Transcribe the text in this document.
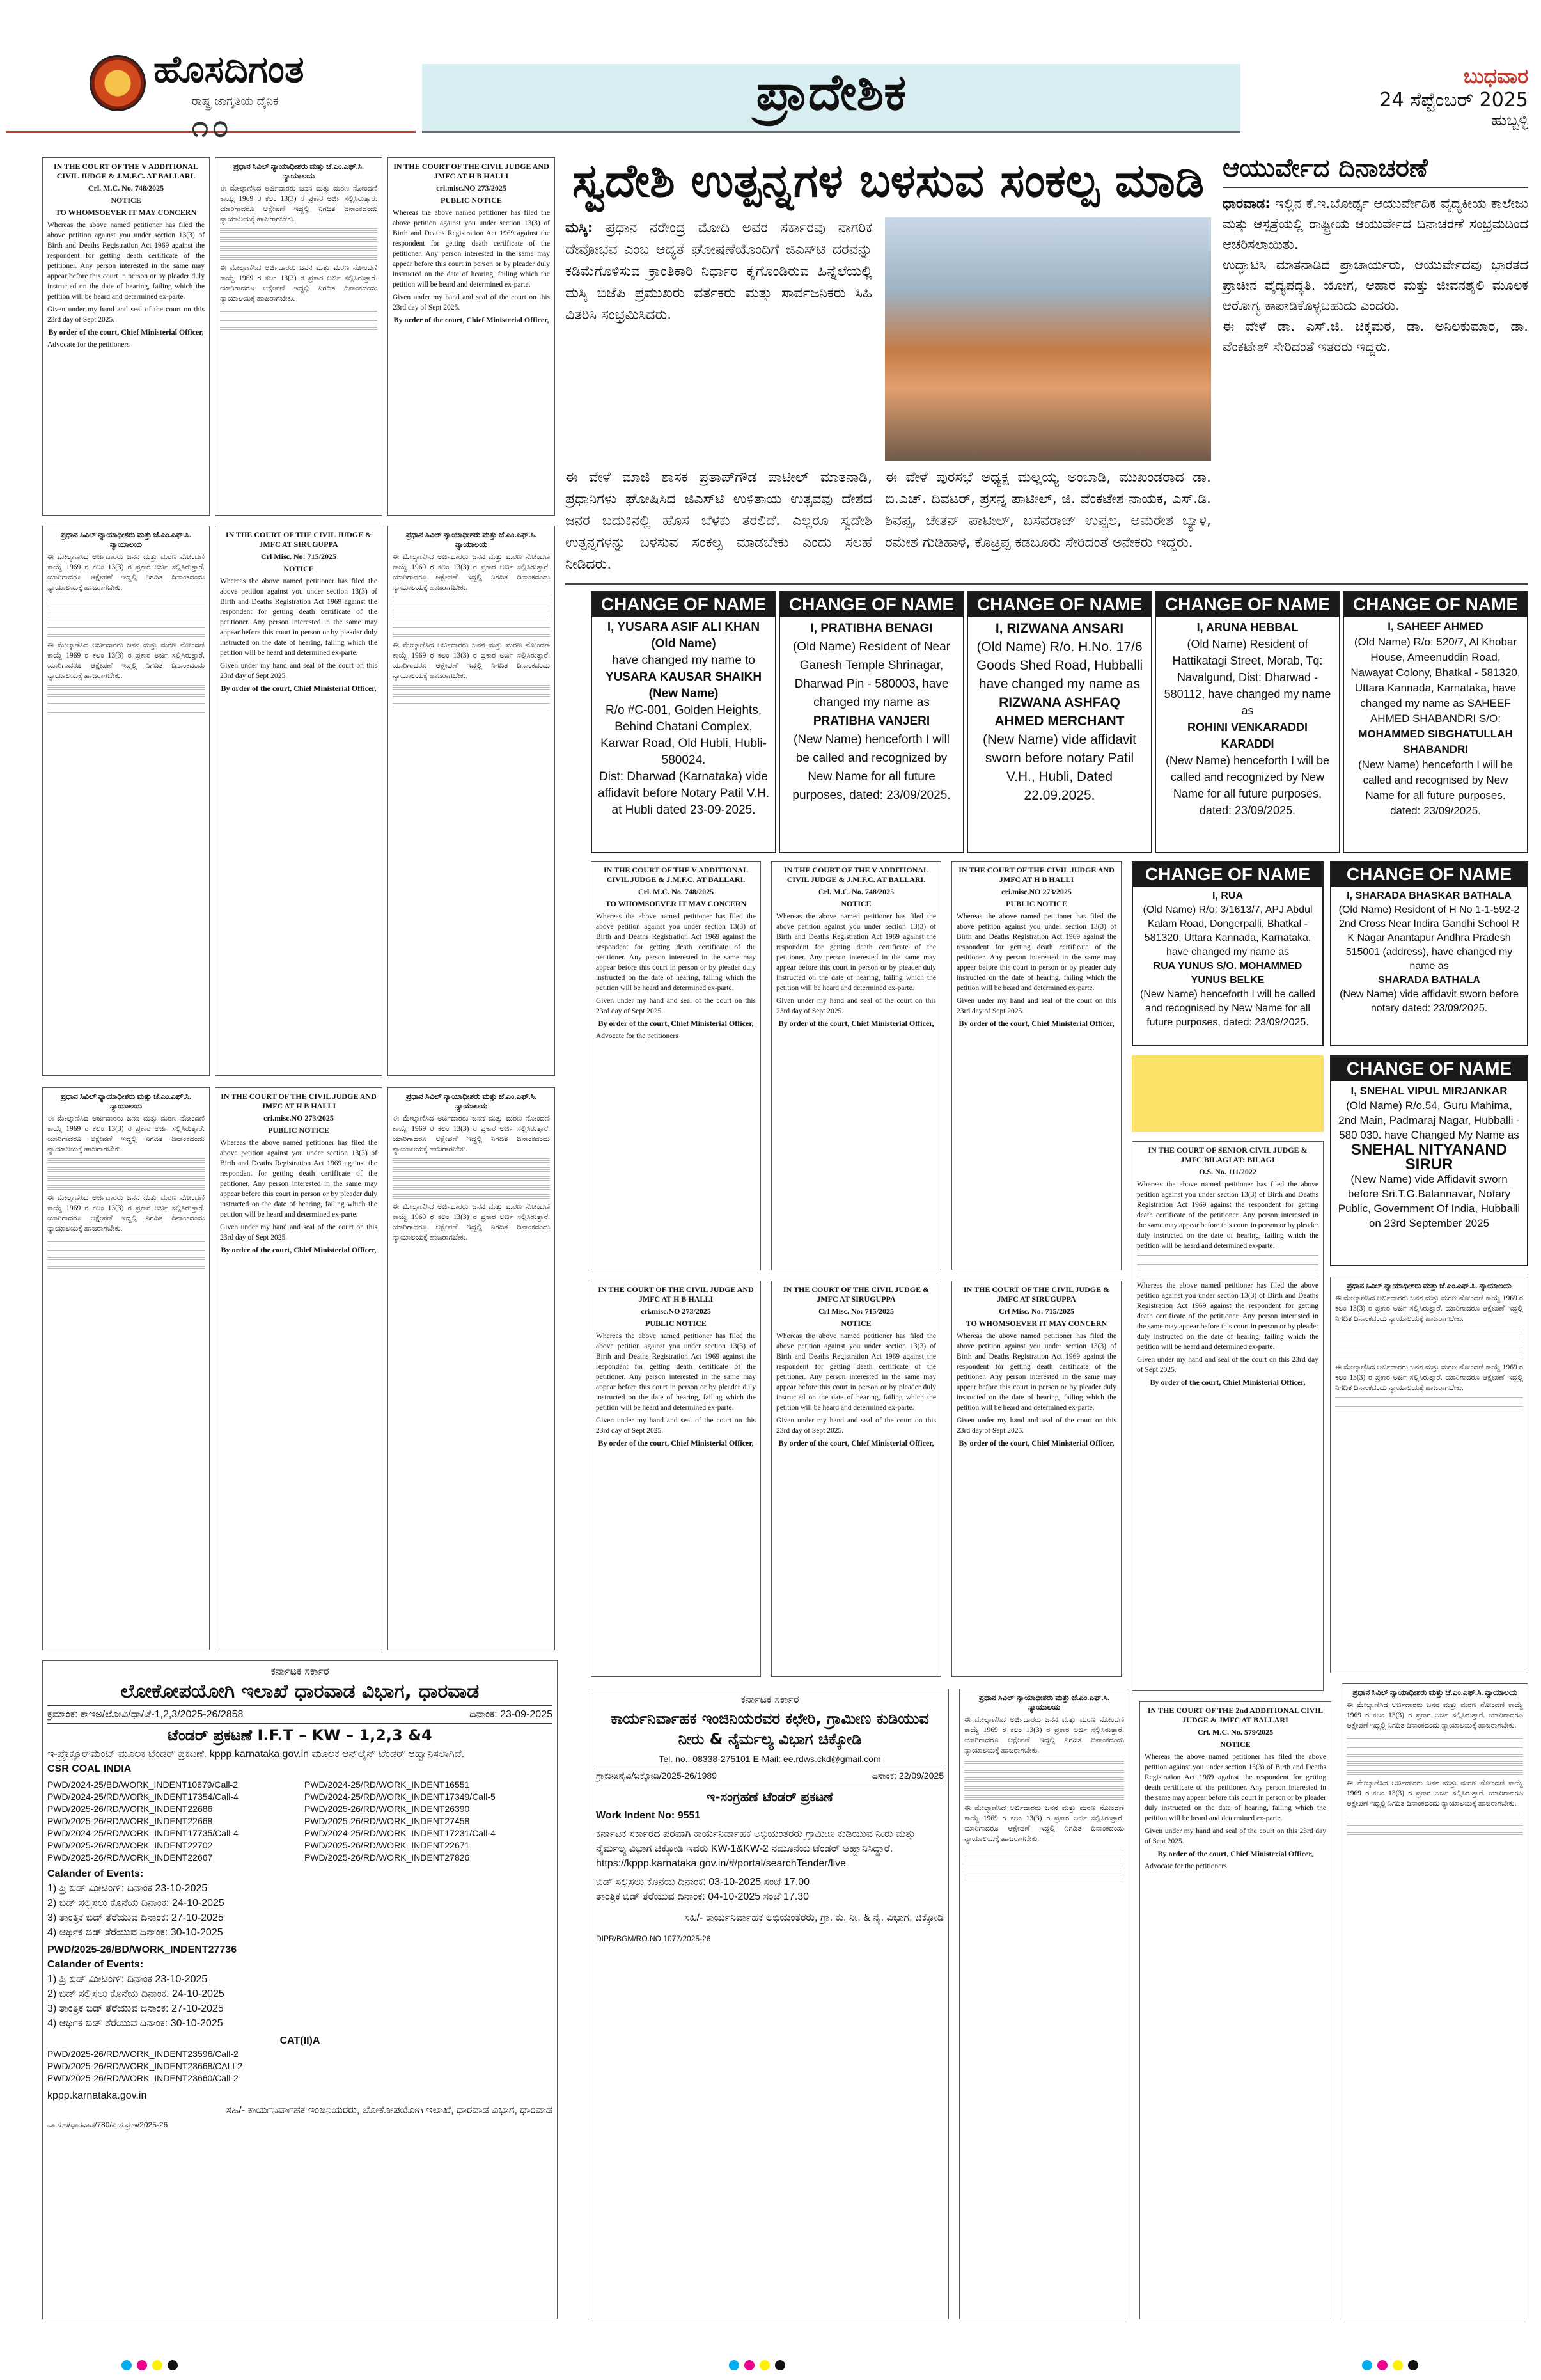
ಹೊಸದಿಗಂತ
ರಾಷ್ಟ್ರ ಜಾಗೃತಿಯ ದೈನಿಕ
೧೦
ಪ್ರಾದೇಶಿಕ	ಬುಧವಾರ
24 ಸೆಪ್ಟೆಂಬರ್ 2025
ಹುಬ್ಬಳ್ಳಿ

IN THE COURT OF THE V ADDITIONAL CIVIL JUDGE & J.M.F.C. AT BALLARI.

Crl. M.C. No. 748/2025

NOTICE

TO WHOMSOEVER IT MAY CONCERN

Whereas the above named petitioner has filed the above petition against you under section 13(3) of Birth and Deaths Registration Act 1969 against the respondent for getting death certificate of the petitioner. Any person interested in the same may appear before this court in person or by pleader duly instructed on the date of hearing, failing which the petition will be heard and determined ex-parte.

Given under my hand and seal of the court on this 23rd day of Sept 2025.

By order of the court, Chief Ministerial Officer,

Advocate for the petitioners

ಪ್ರಧಾನ ಸಿವಿಲ್ ನ್ಯಾಯಾಧೀಶರು ಮತ್ತು ಜೆ.ಎಂ.ಎಫ್.ಸಿ. ನ್ಯಾಯಾಲಯ

ಈ ಮೇಲ್ಕಾಣಿಸಿದ ಅರ್ಜಿದಾರರು ಜನನ ಮತ್ತು ಮರಣ ನೋಂದಣಿ ಕಾಯ್ದೆ 1969 ರ ಕಲಂ 13(3) ರ ಪ್ರಕಾರ ಅರ್ಜಿ ಸಲ್ಲಿಸಿರುತ್ತಾರೆ. ಯಾರಿಗಾದರೂ ಆಕ್ಷೇಪಣೆ ಇದ್ದಲ್ಲಿ ನಿಗದಿತ ದಿನಾಂಕದಂದು ನ್ಯಾಯಾಲಯಕ್ಕೆ ಹಾಜರಾಗಬೇಕು.

ಈ ಮೇಲ್ಕಾಣಿಸಿದ ಅರ್ಜಿದಾರರು ಜನನ ಮತ್ತು ಮರಣ ನೋಂದಣಿ ಕಾಯ್ದೆ 1969 ರ ಕಲಂ 13(3) ರ ಪ್ರಕಾರ ಅರ್ಜಿ ಸಲ್ಲಿಸಿರುತ್ತಾರೆ. ಯಾರಿಗಾದರೂ ಆಕ್ಷೇಪಣೆ ಇದ್ದಲ್ಲಿ ನಿಗದಿತ ದಿನಾಂಕದಂದು ನ್ಯಾಯಾಲಯಕ್ಕೆ ಹಾಜರಾಗಬೇಕು.

IN THE COURT OF THE CIVIL JUDGE AND JMFC AT H B HALLI

cri.misc.NO 273/2025

PUBLIC NOTICE

Whereas the above named petitioner has filed the above petition against you under section 13(3) of Birth and Deaths Registration Act 1969 against the respondent for getting death certificate of the petitioner. Any person interested in the same may appear before this court in person or by pleader duly instructed on the date of hearing, failing which the petition will be heard and determined ex-parte.

Given under my hand and seal of the court on this 23rd day of Sept 2025.

By order of the court, Chief Ministerial Officer,

ಪ್ರಧಾನ ಸಿವಿಲ್ ನ್ಯಾಯಾಧೀಶರು ಮತ್ತು ಜೆ.ಎಂ.ಎಫ್.ಸಿ. ನ್ಯಾಯಾಲಯ

ಈ ಮೇಲ್ಕಾಣಿಸಿದ ಅರ್ಜಿದಾರರು ಜನನ ಮತ್ತು ಮರಣ ನೋಂದಣಿ ಕಾಯ್ದೆ 1969 ರ ಕಲಂ 13(3) ರ ಪ್ರಕಾರ ಅರ್ಜಿ ಸಲ್ಲಿಸಿರುತ್ತಾರೆ. ಯಾರಿಗಾದರೂ ಆಕ್ಷೇಪಣೆ ಇದ್ದಲ್ಲಿ ನಿಗದಿತ ದಿನಾಂಕದಂದು ನ್ಯಾಯಾಲಯಕ್ಕೆ ಹಾಜರಾಗಬೇಕು.

ಈ ಮೇಲ್ಕಾಣಿಸಿದ ಅರ್ಜಿದಾರರು ಜನನ ಮತ್ತು ಮರಣ ನೋಂದಣಿ ಕಾಯ್ದೆ 1969 ರ ಕಲಂ 13(3) ರ ಪ್ರಕಾರ ಅರ್ಜಿ ಸಲ್ಲಿಸಿರುತ್ತಾರೆ. ಯಾರಿಗಾದರೂ ಆಕ್ಷೇಪಣೆ ಇದ್ದಲ್ಲಿ ನಿಗದಿತ ದಿನಾಂಕದಂದು ನ್ಯಾಯಾಲಯಕ್ಕೆ ಹಾಜರಾಗಬೇಕು.

IN THE COURT OF THE CIVIL JUDGE & JMFC AT SIRUGUPPA

Crl Misc. No: 715/2025

NOTICE

Whereas the above named petitioner has filed the above petition against you under section 13(3) of Birth and Deaths Registration Act 1969 against the respondent for getting death certificate of the petitioner. Any person interested in the same may appear before this court in person or by pleader duly instructed on the date of hearing, failing which the petition will be heard and determined ex-parte.

Given under my hand and seal of the court on this 23rd day of Sept 2025.

By order of the court, Chief Ministerial Officer,

ಪ್ರಧಾನ ಸಿವಿಲ್ ನ್ಯಾಯಾಧೀಶರು ಮತ್ತು ಜೆ.ಎಂ.ಎಫ್.ಸಿ. ನ್ಯಾಯಾಲಯ

ಈ ಮೇಲ್ಕಾಣಿಸಿದ ಅರ್ಜಿದಾರರು ಜನನ ಮತ್ತು ಮರಣ ನೋಂದಣಿ ಕಾಯ್ದೆ 1969 ರ ಕಲಂ 13(3) ರ ಪ್ರಕಾರ ಅರ್ಜಿ ಸಲ್ಲಿಸಿರುತ್ತಾರೆ. ಯಾರಿಗಾದರೂ ಆಕ್ಷೇಪಣೆ ಇದ್ದಲ್ಲಿ ನಿಗದಿತ ದಿನಾಂಕದಂದು ನ್ಯಾಯಾಲಯಕ್ಕೆ ಹಾಜರಾಗಬೇಕು.

ಈ ಮೇಲ್ಕಾಣಿಸಿದ ಅರ್ಜಿದಾರರು ಜನನ ಮತ್ತು ಮರಣ ನೋಂದಣಿ ಕಾಯ್ದೆ 1969 ರ ಕಲಂ 13(3) ರ ಪ್ರಕಾರ ಅರ್ಜಿ ಸಲ್ಲಿಸಿರುತ್ತಾರೆ. ಯಾರಿಗಾದರೂ ಆಕ್ಷೇಪಣೆ ಇದ್ದಲ್ಲಿ ನಿಗದಿತ ದಿನಾಂಕದಂದು ನ್ಯಾಯಾಲಯಕ್ಕೆ ಹಾಜರಾಗಬೇಕು.

ಪ್ರಧಾನ ಸಿವಿಲ್ ನ್ಯಾಯಾಧೀಶರು ಮತ್ತು ಜೆ.ಎಂ.ಎಫ್.ಸಿ. ನ್ಯಾಯಾಲಯ

ಈ ಮೇಲ್ಕಾಣಿಸಿದ ಅರ್ಜಿದಾರರು ಜನನ ಮತ್ತು ಮರಣ ನೋಂದಣಿ ಕಾಯ್ದೆ 1969 ರ ಕಲಂ 13(3) ರ ಪ್ರಕಾರ ಅರ್ಜಿ ಸಲ್ಲಿಸಿರುತ್ತಾರೆ. ಯಾರಿಗಾದರೂ ಆಕ್ಷೇಪಣೆ ಇದ್ದಲ್ಲಿ ನಿಗದಿತ ದಿನಾಂಕದಂದು ನ್ಯಾಯಾಲಯಕ್ಕೆ ಹಾಜರಾಗಬೇಕು.

ಈ ಮೇಲ್ಕಾಣಿಸಿದ ಅರ್ಜಿದಾರರು ಜನನ ಮತ್ತು ಮರಣ ನೋಂದಣಿ ಕಾಯ್ದೆ 1969 ರ ಕಲಂ 13(3) ರ ಪ್ರಕಾರ ಅರ್ಜಿ ಸಲ್ಲಿಸಿರುತ್ತಾರೆ. ಯಾರಿಗಾದರೂ ಆಕ್ಷೇಪಣೆ ಇದ್ದಲ್ಲಿ ನಿಗದಿತ ದಿನಾಂಕದಂದು ನ್ಯಾಯಾಲಯಕ್ಕೆ ಹಾಜರಾಗಬೇಕು.

IN THE COURT OF THE CIVIL JUDGE AND JMFC AT H B HALLI

cri.misc.NO 273/2025

PUBLIC NOTICE

Whereas the above named petitioner has filed the above petition against you under section 13(3) of Birth and Deaths Registration Act 1969 against the respondent for getting death certificate of the petitioner. Any person interested in the same may appear before this court in person or by pleader duly instructed on the date of hearing, failing which the petition will be heard and determined ex-parte.

Given under my hand and seal of the court on this 23rd day of Sept 2025.

By order of the court, Chief Ministerial Officer,

ಪ್ರಧಾನ ಸಿವಿಲ್ ನ್ಯಾಯಾಧೀಶರು ಮತ್ತು ಜೆ.ಎಂ.ಎಫ್.ಸಿ. ನ್ಯಾಯಾಲಯ

ಈ ಮೇಲ್ಕಾಣಿಸಿದ ಅರ್ಜಿದಾರರು ಜನನ ಮತ್ತು ಮರಣ ನೋಂದಣಿ ಕಾಯ್ದೆ 1969 ರ ಕಲಂ 13(3) ರ ಪ್ರಕಾರ ಅರ್ಜಿ ಸಲ್ಲಿಸಿರುತ್ತಾರೆ. ಯಾರಿಗಾದರೂ ಆಕ್ಷೇಪಣೆ ಇದ್ದಲ್ಲಿ ನಿಗದಿತ ದಿನಾಂಕದಂದು ನ್ಯಾಯಾಲಯಕ್ಕೆ ಹಾಜರಾಗಬೇಕು.

ಈ ಮೇಲ್ಕಾಣಿಸಿದ ಅರ್ಜಿದಾರರು ಜನನ ಮತ್ತು ಮರಣ ನೋಂದಣಿ ಕಾಯ್ದೆ 1969 ರ ಕಲಂ 13(3) ರ ಪ್ರಕಾರ ಅರ್ಜಿ ಸಲ್ಲಿಸಿರುತ್ತಾರೆ. ಯಾರಿಗಾದರೂ ಆಕ್ಷೇಪಣೆ ಇದ್ದಲ್ಲಿ ನಿಗದಿತ ದಿನಾಂಕದಂದು ನ್ಯಾಯಾಲಯಕ್ಕೆ ಹಾಜರಾಗಬೇಕು.

ಕರ್ನಾಟಕ ಸರ್ಕಾರ
ಲೋಕೋಪಯೋಗಿ ಇಲಾಖೆ ಧಾರವಾಡ ವಿಭಾಗ, ಧಾರವಾಡ
ಕ್ರಮಾಂಕ: ಕಾಇಅ/ಲೋವಿ/ಧಾ/ಟೆ-1,2,3/2025-26/2858	ದಿನಾಂಕ: 23-09-2025
ಟೆಂಡರ್ ಪ್ರಕಟಣೆ I.F.T – KW – 1,2,3 &4
ಇ-ಪ್ರೊಕ್ಯೂರ್‌ಮೆಂಟ್ ಮೂಲಕ ಟೆಂಡರ್ ಪ್ರಕಟಣೆ. kppp.karnataka.gov.in ಮೂಲಕ ಆನ್‌ಲೈನ್ ಟೆಂಡರ್ ಆಹ್ವಾನಿಸಲಾಗಿದೆ.
CSR COAL INDIA
PWD/2024-25/BD/WORK_INDENT10679/Call-2	PWD/2024-25/RD/WORK_INDENT16551
PWD/2024-25/RD/WORK_INDENT17354/Call-4	PWD/2024-25/RD/WORK_INDENT17349/Call-5
PWD/2025-26/RD/WORK_INDENT22686	PWD/2025-26/RD/WORK_INDENT26390
PWD/2025-26/RD/WORK_INDENT22668	PWD/2025-26/RD/WORK_INDENT27458
PWD/2024-25/RD/WORK_INDENT17735/Call-4	PWD/2024-25/RD/WORK_INDENT17231/Call-4
PWD/2025-26/RD/WORK_INDENT22702	PWD/2025-26/RD/WORK_INDENT22671
PWD/2025-26/RD/WORK_INDENT22667	PWD/2025-26/RD/WORK_INDENT27826
Calander of Events:
1) ಪ್ರಿ ಬಿಡ್ ಮೀಟಿಂಗ್: ದಿನಾಂಕ 23-10-2025
2) ಬಿಡ್ ಸಲ್ಲಿಸಲು ಕೊನೆಯ ದಿನಾಂಕ: 24-10-2025
3) ತಾಂತ್ರಿಕ ಬಿಡ್ ತೆರೆಯುವ ದಿನಾಂಕ: 27-10-2025
4) ಆರ್ಥಿಕ ಬಿಡ್ ತೆರೆಯುವ ದಿನಾಂಕ: 30-10-2025
PWD/2025-26/BD/WORK_INDENT27736
Calander of Events:
1) ಪ್ರಿ ಬಿಡ್ ಮೀಟಿಂಗ್: ದಿನಾಂಕ 23-10-2025
2) ಬಿಡ್ ಸಲ್ಲಿಸಲು ಕೊನೆಯ ದಿನಾಂಕ: 24-10-2025
3) ತಾಂತ್ರಿಕ ಬಿಡ್ ತೆರೆಯುವ ದಿನಾಂಕ: 27-10-2025
4) ಆರ್ಥಿಕ ಬಿಡ್ ತೆರೆಯುವ ದಿನಾಂಕ: 30-10-2025
CAT(II)A
PWD/2025-26/RD/WORK_INDENT23596/Call-2
PWD/2025-26/RD/WORK_INDENT23668/CALL2
PWD/2025-26/RD/WORK_INDENT23660/Call-2
kppp.karnataka.gov.in
ಸಹಿ/- ಕಾರ್ಯನಿರ್ವಾಹಕ ಇಂಜಿನಿಯರರು, ಲೋಕೋಪಯೋಗಿ ಇಲಾಖೆ, ಧಾರವಾಡ ವಿಭಾಗ, ಧಾರವಾಡ
ವಾ.ಸ.ಇ/ಧಾರವಾಡ/780/ವಿ.ಸ.ಪ್ರ.ಇ/2025-26
ಸ್ವದೇಶಿ ಉತ್ಪನ್ನಗಳ ಬಳಸುವ ಸಂಕಲ್ಪ ಮಾಡಿ
ಮಸ್ಕಿ: ಪ್ರಧಾನ ನರೇಂದ್ರ ಮೋದಿ ಅವರ ಸರ್ಕಾರವು ನಾಗರಿಕ ದೇವೋಭವ ಎಂಬ ಆದ್ಯತೆ ಘೋಷಣೆಯೊಂದಿಗೆ ಜಿಎಸ್‌ಟಿ ದರವನ್ನು ಕಡಿಮೆಗೊಳಿಸುವ ಕ್ರಾಂತಿಕಾರಿ ನಿರ್ಧಾರ ಕೈಗೊಂಡಿರುವ ಹಿನ್ನೆಲೆಯಲ್ಲಿ ಮಸ್ಕಿ ಬಿಜೆಪಿ ಪ್ರಮುಖರು ವರ್ತಕರು ಮತ್ತು ಸಾರ್ವಜನಿಕರು ಸಿಹಿ ವಿತರಿಸಿ ಸಂಭ್ರಮಿಸಿದರು.
ಈ ವೇಳೆ ಮಾಜಿ ಶಾಸಕ ಪ್ರತಾಪ್‌ಗೌಡ ಪಾಟೀಲ್ ಮಾತನಾಡಿ, ಪ್ರಧಾನಿಗಳು ಘೋಷಿಸಿದ ಜಿಎಸ್‌ಟಿ ಉಳಿತಾಯ ಉತ್ಸವವು ದೇಶದ ಜನರ ಬದುಕಿನಲ್ಲಿ ಹೊಸ ಬೆಳಕು ತರಲಿದೆ. ಎಲ್ಲರೂ ಸ್ವದೇಶಿ ಉತ್ಪನ್ನಗಳನ್ನು ಬಳಸುವ ಸಂಕಲ್ಪ ಮಾಡಬೇಕು ಎಂದು ಸಲಹೆ ನೀಡಿದರು.
ಈ ವೇಳೆ ಪುರಸಭೆ ಅಧ್ಯಕ್ಷ ಮಲ್ಲಯ್ಯ ಅಂಬಾಡಿ, ಮುಖಂಡರಾದ ಡಾ. ಬಿ.ಎಚ್. ದಿವಟರ್, ಪ್ರಸನ್ನ ಪಾಟೀಲ್, ಜಿ. ವೆಂಕಟೇಶ ನಾಯಕ, ಎಸ್.ಡಿ. ಶಿವಪ್ಪ, ಚೇತನ್ ಪಾಟೀಲ್, ಬಸವರಾಜ್ ಉಪ್ಪಲ, ಅಮರೇಶ ಬ್ಯಾಳಿ, ರಮೇಶ ಗುಡಿಹಾಳ, ಕೊಟ್ರಪ್ಪ ಕಡಬೂರು ಸೇರಿದಂತೆ ಅನೇಕರು ಇದ್ದರು.
ಆಯುರ್ವೇದ ದಿನಾಚರಣೆ
ಧಾರವಾಡ: ಇಲ್ಲಿನ ಕೆ.ಇ.ಬೋರ್ಡ್ಸ ಆಯುರ್ವೇದಿಕ ವೈದ್ಯಕೀಯ ಕಾಲೇಜು ಮತ್ತು ಆಸ್ಪತ್ರೆಯಲ್ಲಿ ರಾಷ್ಟ್ರೀಯ ಆಯುರ್ವೇದ ದಿನಾಚರಣೆ ಸಂಭ್ರಮದಿಂದ ಆಚರಿಸಲಾಯಿತು.
ಉದ್ಘಾಟಿಸಿ ಮಾತನಾಡಿದ ಪ್ರಾಚಾರ್ಯರು, ಆಯುರ್ವೇದವು ಭಾರತದ ಪ್ರಾಚೀನ ವೈದ್ಯಪದ್ಧತಿ. ಯೋಗ, ಆಹಾರ ಮತ್ತು ಜೀವನಶೈಲಿ ಮೂಲಕ ಆರೋಗ್ಯ ಕಾಪಾಡಿಕೊಳ್ಳಬಹುದು ಎಂದರು.
ಈ ವೇಳೆ ಡಾ. ಎಸ್.ಜಿ. ಚಿಕ್ಕಮಠ, ಡಾ. ಅನಿಲಕುಮಾರ, ಡಾ. ವೆಂಕಟೇಶ್ ಸೇರಿದಂತೆ ಇತರರು ಇದ್ದರು.
CHANGE OF NAME
I, YUSARA ASIF ALI KHAN (Old Name)
have changed my name to
YUSARA KAUSAR SHAIKH (New Name)
R/o #C-001, Golden Heights, Behind Chatani Complex, Karwar Road, Old Hubli, Hubli-580024.
Dist: Dharwad (Karnataka) vide affidavit before Notary Patil V.H. at Hubli dated 23-09-2025.
CHANGE OF NAME
I, PRATIBHA BENAGI
(Old Name) Resident of Near Ganesh Temple Shrinagar, Dharwad Pin - 580003, have changed my name as
PRATIBHA VANJERI
(New Name) henceforth I will be called and recognized by New Name for all future purposes, dated: 23/09/2025.
CHANGE OF NAME
I, RIZWANA ANSARI
(Old Name) R/o. H.No. 17/6 Goods Shed Road, Hubballi have changed my name as
RIZWANA ASHFAQ AHMED MERCHANT
(New Name) vide affidavit sworn before notary Patil V.H., Hubli, Dated 22.09.2025.
CHANGE OF NAME
I, ARUNA HEBBAL
(Old Name) Resident of Hattikatagi Street, Morab, Tq: Navalgund, Dist: Dharwad - 580112, have changed my name as
ROHINI VENKARADDI KARADDI
(New Name) henceforth I will be called and recognized by New Name for all future purposes, dated: 23/09/2025.
CHANGE OF NAME
I, SAHEEF AHMED
(Old Name) R/o: 520/7, Al Khobar House, Ameenuddin Road, Nawayat Colony, Bhatkal - 581320, Uttara Kannada, Karnataka, have changed my name as SAHEEF AHMED SHABANDRI S/O:
MOHAMMED SIBGHATULLAH SHABANDRI
(New Name) henceforth I will be called and recognised by New Name for all future purposes. dated: 23/09/2025.

IN THE COURT OF THE V ADDITIONAL CIVIL JUDGE & J.M.F.C. AT BALLARI.

Crl. M.C. No. 748/2025

TO WHOMSOEVER IT MAY CONCERN

Whereas the above named petitioner has filed the above petition against you under section 13(3) of Birth and Deaths Registration Act 1969 against the respondent for getting death certificate of the petitioner. Any person interested in the same may appear before this court in person or by pleader duly instructed on the date of hearing, failing which the petition will be heard and determined ex-parte.

Given under my hand and seal of the court on this 23rd day of Sept 2025.

By order of the court, Chief Ministerial Officer,

Advocate for the petitioners

IN THE COURT OF THE V ADDITIONAL CIVIL JUDGE & J.M.F.C. AT BALLARI.

Crl. M.C. No. 748/2025

NOTICE

Whereas the above named petitioner has filed the above petition against you under section 13(3) of Birth and Deaths Registration Act 1969 against the respondent for getting death certificate of the petitioner. Any person interested in the same may appear before this court in person or by pleader duly instructed on the date of hearing, failing which the petition will be heard and determined ex-parte.

Given under my hand and seal of the court on this 23rd day of Sept 2025.

By order of the court, Chief Ministerial Officer,

IN THE COURT OF THE CIVIL JUDGE AND JMFC AT H B HALLI

cri.misc.NO 273/2025

PUBLIC NOTICE

Whereas the above named petitioner has filed the above petition against you under section 13(3) of Birth and Deaths Registration Act 1969 against the respondent for getting death certificate of the petitioner. Any person interested in the same may appear before this court in person or by pleader duly instructed on the date of hearing, failing which the petition will be heard and determined ex-parte.

Given under my hand and seal of the court on this 23rd day of Sept 2025.

By order of the court, Chief Ministerial Officer,

CHANGE OF NAME
I, RUA
(Old Name) R/o: 3/1613/7, APJ Abdul Kalam Road, Dongerpalli, Bhatkal - 581320, Uttara Kannada, Karnataka, have changed my name as
RUA YUNUS S/O. MOHAMMED YUNUS BELKE
(New Name) henceforth I will be called and recognised by New Name for all future purposes, dated: 23/09/2025.
CHANGE OF NAME
I, SHARADA BHASKAR BATHALA
(Old Name) Resident of H No 1-1-592-2 2nd Cross Near Indira Gandhi School R K Nagar Anantapur Andhra Pradesh 515001 (address), have changed my name as
SHARADA BATHALA
(New Name) vide affidavit sworn before notary dated: 23/09/2025.
CHANGE OF NAME
I, SNEHAL VIPUL MIRJANKAR
(Old Name) R/o.54, Guru Mahima, 2nd Main, Padmaraj Nagar, Hubballi - 580 030. have Changed My Name as
SNEHAL NITYANAND SIRUR
(New Name) vide Affidavit sworn before Sri.T.G.Balannavar, Notary Public, Government Of India, Hubballi on 23rd September 2025

IN THE COURT OF SENIOR CIVIL JUDGE & JMFC,BILAGI AT: BILAGI

O.S. No. 111/2022

Whereas the above named petitioner has filed the above petition against you under section 13(3) of Birth and Deaths Registration Act 1969 against the respondent for getting death certificate of the petitioner. Any person interested in the same may appear before this court in person or by pleader duly instructed on the date of hearing, failing which the petition will be heard and determined ex-parte.

Whereas the above named petitioner has filed the above petition against you under section 13(3) of Birth and Deaths Registration Act 1969 against the respondent for getting death certificate of the petitioner. Any person interested in the same may appear before this court in person or by pleader duly instructed on the date of hearing, failing which the petition will be heard and determined ex-parte.

Given under my hand and seal of the court on this 23rd day of Sept 2025.

By order of the court, Chief Ministerial Officer,

IN THE COURT OF THE CIVIL JUDGE AND JMFC AT H B HALLI

cri.misc.NO 273/2025

PUBLIC NOTICE

Whereas the above named petitioner has filed the above petition against you under section 13(3) of Birth and Deaths Registration Act 1969 against the respondent for getting death certificate of the petitioner. Any person interested in the same may appear before this court in person or by pleader duly instructed on the date of hearing, failing which the petition will be heard and determined ex-parte.

Given under my hand and seal of the court on this 23rd day of Sept 2025.

By order of the court, Chief Ministerial Officer,

IN THE COURT OF THE CIVIL JUDGE & JMFC AT SIRUGUPPA

Crl Misc. No: 715/2025

NOTICE

Whereas the above named petitioner has filed the above petition against you under section 13(3) of Birth and Deaths Registration Act 1969 against the respondent for getting death certificate of the petitioner. Any person interested in the same may appear before this court in person or by pleader duly instructed on the date of hearing, failing which the petition will be heard and determined ex-parte.

Given under my hand and seal of the court on this 23rd day of Sept 2025.

By order of the court, Chief Ministerial Officer,

IN THE COURT OF THE CIVIL JUDGE & JMFC AT SIRUGUPPA

Crl Misc. No: 715/2025

TO WHOMSOEVER IT MAY CONCERN

Whereas the above named petitioner has filed the above petition against you under section 13(3) of Birth and Deaths Registration Act 1969 against the respondent for getting death certificate of the petitioner. Any person interested in the same may appear before this court in person or by pleader duly instructed on the date of hearing, failing which the petition will be heard and determined ex-parte.

Given under my hand and seal of the court on this 23rd day of Sept 2025.

By order of the court, Chief Ministerial Officer,

ಪ್ರಧಾನ ಸಿವಿಲ್ ನ್ಯಾಯಾಧೀಶರು ಮತ್ತು ಜೆ.ಎಂ.ಎಫ್.ಸಿ. ನ್ಯಾಯಾಲಯ

ಈ ಮೇಲ್ಕಾಣಿಸಿದ ಅರ್ಜಿದಾರರು ಜನನ ಮತ್ತು ಮರಣ ನೋಂದಣಿ ಕಾಯ್ದೆ 1969 ರ ಕಲಂ 13(3) ರ ಪ್ರಕಾರ ಅರ್ಜಿ ಸಲ್ಲಿಸಿರುತ್ತಾರೆ. ಯಾರಿಗಾದರೂ ಆಕ್ಷೇಪಣೆ ಇದ್ದಲ್ಲಿ ನಿಗದಿತ ದಿನಾಂಕದಂದು ನ್ಯಾಯಾಲಯಕ್ಕೆ ಹಾಜರಾಗಬೇಕು.

ಈ ಮೇಲ್ಕಾಣಿಸಿದ ಅರ್ಜಿದಾರರು ಜನನ ಮತ್ತು ಮರಣ ನೋಂದಣಿ ಕಾಯ್ದೆ 1969 ರ ಕಲಂ 13(3) ರ ಪ್ರಕಾರ ಅರ್ಜಿ ಸಲ್ಲಿಸಿರುತ್ತಾರೆ. ಯಾರಿಗಾದರೂ ಆಕ್ಷೇಪಣೆ ಇದ್ದಲ್ಲಿ ನಿಗದಿತ ದಿನಾಂಕದಂದು ನ್ಯಾಯಾಲಯಕ್ಕೆ ಹಾಜರಾಗಬೇಕು.

ಕರ್ನಾಟಕ ಸರ್ಕಾರ
ಕಾರ್ಯನಿರ್ವಾಹಕ ಇಂಜಿನಿಯರವರ ಕಛೇರಿ, ಗ್ರಾಮೀಣ ಕುಡಿಯುವ ನೀರು & ನೈರ್ಮಲ್ಯ ವಿಭಾಗ ಚಿಕ್ಕೋಡಿ
Tel. no.: 08338-275101 E-Mail: ee.rdws.ckd@gmail.com
ಗ್ರಾಕುನೀನೈವಿ/ಚಿಕ್ಕೋಡಿ/2025-26/1989	ದಿನಾಂಕ: 22/09/2025
ಇ-ಸಂಗ್ರಹಣೆ ಟೆಂಡರ್ ಪ್ರಕಟಣೆ
Work Indent No: 9551
ಕರ್ನಾಟಕ ಸರ್ಕಾರದ ಪರವಾಗಿ ಕಾರ್ಯನಿರ್ವಾಹಕ ಅಭಿಯಂತರರು ಗ್ರಾಮೀಣ ಕುಡಿಯುವ ನೀರು ಮತ್ತು ನೈರ್ಮಲ್ಯ ವಿಭಾಗ ಚಿಕ್ಕೋಡಿ ಇವರು KW-1&KW-2 ನಮೂನೆಯ ಟೆಂಡರ್ ಆಹ್ವಾನಿಸಿದ್ದಾರೆ. https://kppp.karnataka.gov.in/#/portal/searchTender/live
ಬಿಡ್ ಸಲ್ಲಿಸಲು ಕೊನೆಯ ದಿನಾಂಕ: 03-10-2025 ಸಂಜೆ 17.00
ತಾಂತ್ರಿಕ ಬಿಡ್ ತೆರೆಯುವ ದಿನಾಂಕ: 04-10-2025 ಸಂಜೆ 17.30
ಸಹಿ/- ಕಾರ್ಯನಿರ್ವಾಹಕ ಅಭಿಯಂತರರು, ಗ್ರಾ. ಕು. ನೀ. & ನೈ. ವಿಭಾಗ, ಚಿಕ್ಕೋಡಿ
DIPR/BGM/RO.NO 1077/2025-26

ಪ್ರಧಾನ ಸಿವಿಲ್ ನ್ಯಾಯಾಧೀಶರು ಮತ್ತು ಜೆ.ಎಂ.ಎಫ್.ಸಿ. ನ್ಯಾಯಾಲಯ

ಈ ಮೇಲ್ಕಾಣಿಸಿದ ಅರ್ಜಿದಾರರು ಜನನ ಮತ್ತು ಮರಣ ನೋಂದಣಿ ಕಾಯ್ದೆ 1969 ರ ಕಲಂ 13(3) ರ ಪ್ರಕಾರ ಅರ್ಜಿ ಸಲ್ಲಿಸಿರುತ್ತಾರೆ. ಯಾರಿಗಾದರೂ ಆಕ್ಷೇಪಣೆ ಇದ್ದಲ್ಲಿ ನಿಗದಿತ ದಿನಾಂಕದಂದು ನ್ಯಾಯಾಲಯಕ್ಕೆ ಹಾಜರಾಗಬೇಕು.

ಈ ಮೇಲ್ಕಾಣಿಸಿದ ಅರ್ಜಿದಾರರು ಜನನ ಮತ್ತು ಮರಣ ನೋಂದಣಿ ಕಾಯ್ದೆ 1969 ರ ಕಲಂ 13(3) ರ ಪ್ರಕಾರ ಅರ್ಜಿ ಸಲ್ಲಿಸಿರುತ್ತಾರೆ. ಯಾರಿಗಾದರೂ ಆಕ್ಷೇಪಣೆ ಇದ್ದಲ್ಲಿ ನಿಗದಿತ ದಿನಾಂಕದಂದು ನ್ಯಾಯಾಲಯಕ್ಕೆ ಹಾಜರಾಗಬೇಕು.

IN THE COURT OF THE 2nd ADDITIONAL CIVIL JUDGE & JMFC AT BALLARI

Crl. M.C. No. 579/2025

NOTICE

Whereas the above named petitioner has filed the above petition against you under section 13(3) of Birth and Deaths Registration Act 1969 against the respondent for getting death certificate of the petitioner. Any person interested in the same may appear before this court in person or by pleader duly instructed on the date of hearing, failing which the petition will be heard and determined ex-parte.

Given under my hand and seal of the court on this 23rd day of Sept 2025.

By order of the court, Chief Ministerial Officer,

Advocate for the petitioners

ಪ್ರಧಾನ ಸಿವಿಲ್ ನ್ಯಾಯಾಧೀಶರು ಮತ್ತು ಜೆ.ಎಂ.ಎಫ್.ಸಿ. ನ್ಯಾಯಾಲಯ

ಈ ಮೇಲ್ಕಾಣಿಸಿದ ಅರ್ಜಿದಾರರು ಜನನ ಮತ್ತು ಮರಣ ನೋಂದಣಿ ಕಾಯ್ದೆ 1969 ರ ಕಲಂ 13(3) ರ ಪ್ರಕಾರ ಅರ್ಜಿ ಸಲ್ಲಿಸಿರುತ್ತಾರೆ. ಯಾರಿಗಾದರೂ ಆಕ್ಷೇಪಣೆ ಇದ್ದಲ್ಲಿ ನಿಗದಿತ ದಿನಾಂಕದಂದು ನ್ಯಾಯಾಲಯಕ್ಕೆ ಹಾಜರಾಗಬೇಕು.

ಈ ಮೇಲ್ಕಾಣಿಸಿದ ಅರ್ಜಿದಾರರು ಜನನ ಮತ್ತು ಮರಣ ನೋಂದಣಿ ಕಾಯ್ದೆ 1969 ರ ಕಲಂ 13(3) ರ ಪ್ರಕಾರ ಅರ್ಜಿ ಸಲ್ಲಿಸಿರುತ್ತಾರೆ. ಯಾರಿಗಾದರೂ ಆಕ್ಷೇಪಣೆ ಇದ್ದಲ್ಲಿ ನಿಗದಿತ ದಿನಾಂಕದಂದು ನ್ಯಾಯಾಲಯಕ್ಕೆ ಹಾಜರಾಗಬೇಕು.
